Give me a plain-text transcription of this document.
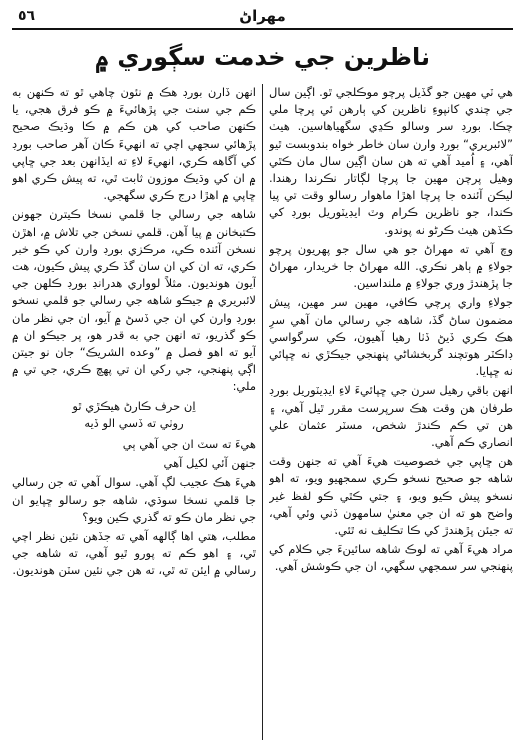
٥٦	مهراڻ
ناظرين جي خدمت سڳوري ۾

هي ٽي مهين جو گڏيل پرچو موڪلجي ٿو. اڳين سال جي چندي کانپوءِ ناظرين کي ٻارهن ئي پرچا ملي چڪا. بورڊ سر وسالو ڪڍي سگهياهاسين. هيٺ ”لائبريري“ بورڊ وارن سان خاطر خواه بندوبست ٿيو آهي، ۽ اُميد آهي ته هن سان اڳين سال مان ڪٿي وهيل پرچن مهين جا پرچا لڳاتار نڪرندا رهندا. ليڪن آئنده جا پرچا اهڙا ماهوار رسالو وقت تي پيا ڪندا، جو ناظرين ڪرام وٽ ايڊيٽوريل بورڊ کي ڪڏهن هيٺ ڪرڻو نه پوندو.

وچ آهي ته مهراڻ جو هي سال جو پهريون پرچو جولاءِ ۾ ٻاهر نڪري. الله مهراڻ جا خريدار، مهراڻ جا پڙهندڙ وري جولاءِ ۾ ملنداسين.

جولاءِ واري پرچي ڪافي، مهين سر مهين، پيش مضمون ساڻ گڏ، شاهه جي رسالي مان آهي سرِ هڪ ڪري ڏيڻ ڏٺا رهيا آهيون، ڪي سرگواسي ڊاڪٽر هوتچند گربخشاڻي پنهنجي جيڪڙي نه ڇپائي نه ڇپايا.

انهن باقي رهيل سرن جي ڇپائيءَ لاءِ ايڊيٽوريل بورڊ طرفان هن وقت هڪ سرپرست مقرر ٿيل آهي، ۽ هن تي ڪم ڪندڙ شخص، مسٽر عثمان علي انصاري ڪم آهي.

هن ڇاپي جي خصوصيت هيءَ آهي ته جنهن وقت شاهه جو صحيح نسخو ڪري سمجهيو ويو، ته اهو نسخو پيش ڪيو ويو، ۽ جتي ڪٿي ڪو لفظ غير واضح هو ته ان جي معنيٰ سامهون ڏني وئي آهي، ته جيئن پڙهندڙ کي ڪا تڪليف نه ٿئي.

مراد هيءَ آهي ته لوڪ شاهه سائينءَ جي ڪلام کي پنهنجي سر سمجهي سگهي، ان جي ڪوشش آهي.

انهن ڏارن بورڊ هڪ ۾ نئون چاهي ٿو ته ڪنهن به ڪم جي سنت جي پڙهائيءَ ۾ ڪو فرق هجي، يا ڪنهن صاحب کي هن ڪم ۾ ڪا وڌيڪ صحيح پڙهائي سجهي اچي ته انهيءَ ڪان آهر صاحب بورڊ کي آگاهه ڪري، انهيءَ لاءِ ته ايڏانهن بعد جي ڇاپي ۾ ان کي وڌيڪ موزون ثابت ٿي، ته پيش ڪري اهو ڇاپي ۾ اهڙا درج ڪري سگهجي.

شاهه جي رسالي جا قلمي نسخا ڪيترن جهونن ڪتبخانن ۾ پيا آهن. قلمي نسخن جي تلاش ۾، اهڙن نسخن آئنده ڪي، مرڪزي بورڊ وارن کي ڪو خبر ڪري، ته ان کي ان سان گڏ ڪري پيش ڪيون، هت آيون هونديون. مثلاً لوواري هدرانڊ بورڊ ڪلهن جي لائبريري ۾ جيڪو شاهه جي رسالي جو قلمي نسخو بورڊ وارن کي ان جي ڏسڻ ۾ آيو، ان جي نظر مان ڪو گذريو، ته انهن جي به قدر هو، پر جيڪو ان ۾ آيو ته اهو فصل ۾ ”وعده الشريڪ“ جان نو جيتن اڳي پنهنجي، جي رکي ان تي پهچ ڪري، جي تي ۾ ملي:

اِن حرف ڪارڻ هيڪڙي ٿو

روٺي ته ڏسي الو ڏيه

هيءَ ته سٽ ان جي آهي ٻي

جنهن آئي لکيل آهي

هيءَ هڪ عجيب لڳ آهي. سوال آهي ته جن رسالي جا قلمي نسخا سوڌي، شاهه جو رسالو ڇپايو ان جي نظر مان ڪو ته گذري ڪين ويو؟

مطلب، هتي اها ڳالهه آهي ته جڏهن نئين نظر اچي ٿي، ۽ اهو ڪم ته پورو ٿيو آهي، ته شاهه جي رسالي ۾ ايئن ته ٿي، ته هن جي نئين سٽن هونديون.
